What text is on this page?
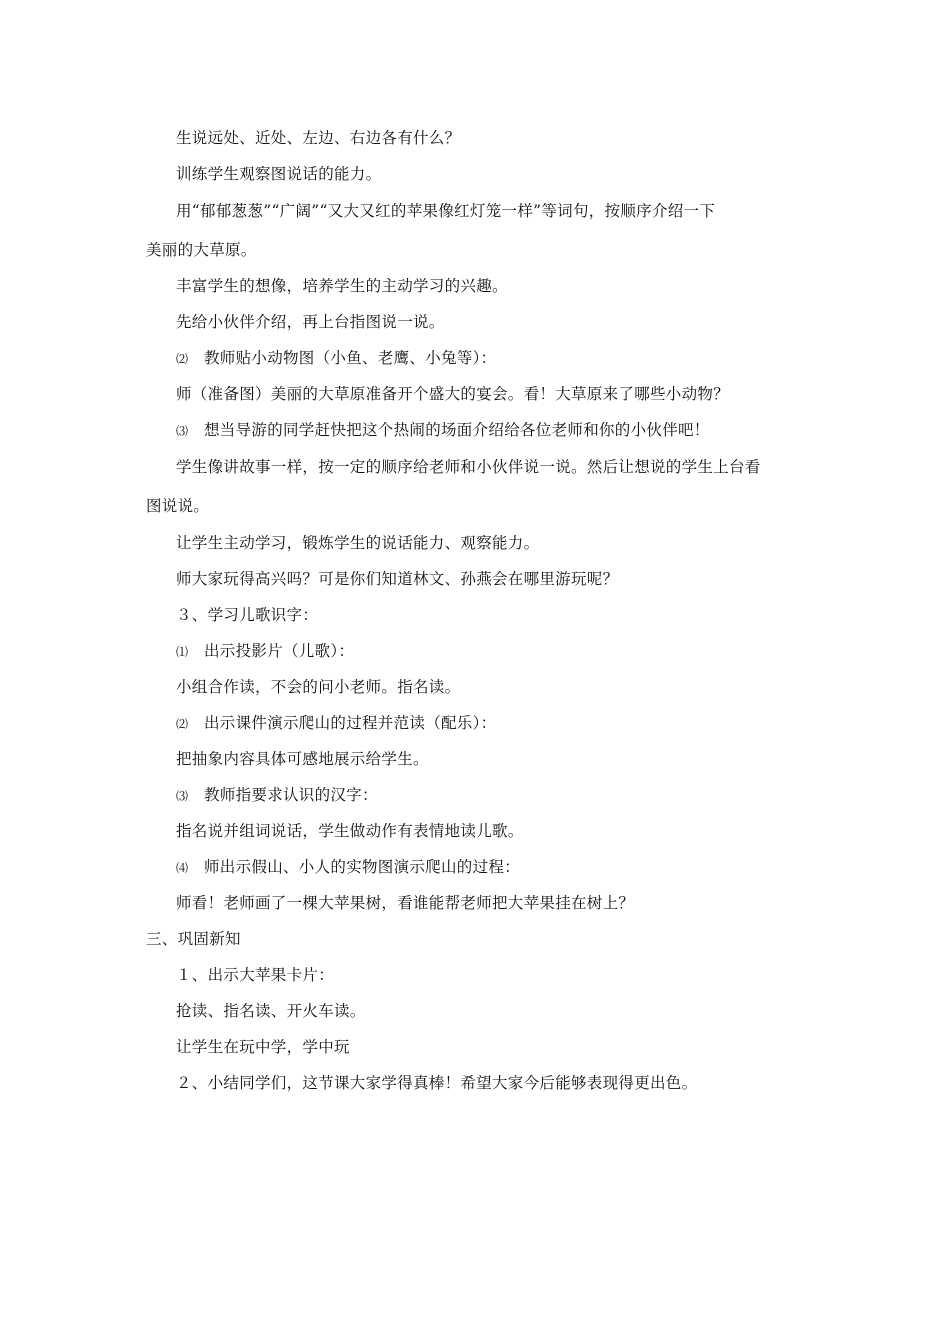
生说远处、近处、左边、右边各有什么？
训练学生观察图说话的能力。
用“郁郁葱葱”“广阔”“又大又红的苹果像红灯笼一样”等词句，按顺序介绍一下
美丽的大草原。
丰富学生的想像，培养学生的主动学习的兴趣。
先给小伙伴介绍，再上台指图说一说。
⑵ 教师贴小动物图（小鱼、老鹰、小兔等）：
师（准备图）美丽的大草原准备开个盛大的宴会。看！大草原来了哪些小动物？
⑶ 想当导游的同学赶快把这个热闹的场面介绍给各位老师和你的小伙伴吧！
学生像讲故事一样，按一定的顺序给老师和小伙伴说一说。然后让想说的学生上台看
图说说。
让学生主动学习，锻炼学生的说话能力、观察能力。
师大家玩得高兴吗？可是你们知道林文、孙燕会在哪里游玩呢？
３、学习儿歌识字：
⑴ 出示投影片（儿歌）：
小组合作读，不会的问小老师。指名读。
⑵ 出示课件演示爬山的过程并范读（配乐）：
把抽象内容具体可感地展示给学生。
⑶ 教师指要求认识的汉字：
指名说并组词说话，学生做动作有表情地读儿歌。
⑷ 师出示假山、小人的实物图演示爬山的过程：
师看！老师画了一棵大苹果树，看谁能帮老师把大苹果挂在树上？
三、巩固新知
１、出示大苹果卡片：
抢读、指名读、开火车读。
让学生在玩中学，学中玩
２、小结同学们，这节课大家学得真棒！希望大家今后能够表现得更出色。
